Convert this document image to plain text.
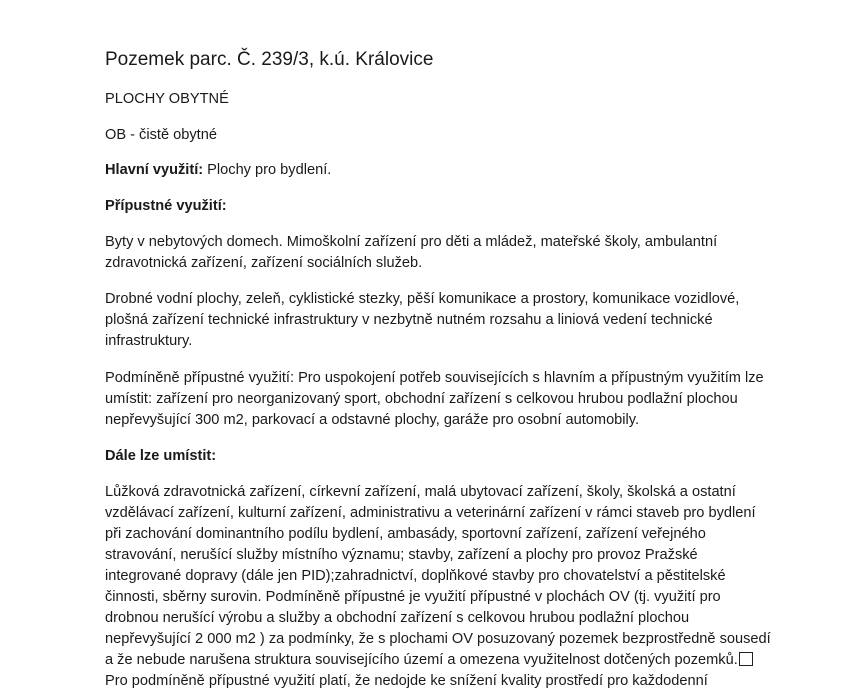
Pozemek parc. Č. 239/3, k.ú. Královice

PLOCHY OBYTNÉ

OB - čistě obytné

Hlavní využití: Plochy pro bydlení.

Přípustné využití:

Byty v nebytových domech. Mimoškolní zařízení pro děti a mládež, mateřské školy, ambulantní

zdravotnická zařízení, zařízení sociálních služeb.

Drobné vodní plochy, zeleň, cyklistické stezky, pěší komunikace a prostory, komunikace vozidlové,

plošná zařízení technické infrastruktury v nezbytně nutném rozsahu a liniová vedení technické

infrastruktury.

Podmíněně přípustné využití: Pro uspokojení potřeb souvisejících s hlavním a přípustným využitím lze

umístit: zařízení pro neorganizovaný sport, obchodní zařízení s celkovou hrubou podlažní plochou

nepřevyšující 300 m2, parkovací a odstavné plochy, garáže pro osobní automobily.

Dále lze umístit:

Lůžková zdravotnická zařízení, církevní zařízení, malá ubytovací zařízení, školy, školská a ostatní

vzdělávací zařízení, kulturní zařízení, administrativu a veterinární zařízení v rámci staveb pro bydlení

při zachování dominantního podílu bydlení, ambasády, sportovní zařízení, zařízení veřejného

stravování, nerušící služby místního významu; stavby, zařízení a plochy pro provoz Pražské

integrované dopravy (dále jen PID);zahradnictví, doplňkové stavby pro chovatelství a pěstitelské

činnosti, sběrny surovin. Podmíněně přípustné je využití přípustné v plochách OV (tj. využití pro

drobnou nerušící výrobu a služby a obchodní zařízení s celkovou hrubou podlažní plochou

nepřevyšující 2 000 m2 ) za podmínky, že s plochami OV posuzovaný pozemek bezprostředně sousedí

a že nebude narušena struktura souvisejícího území a omezena využitelnost dotčených pozemků.

Pro podmíněně přípustné využití platí, že nedojde ke snížení kvality prostředí pro každodenní
